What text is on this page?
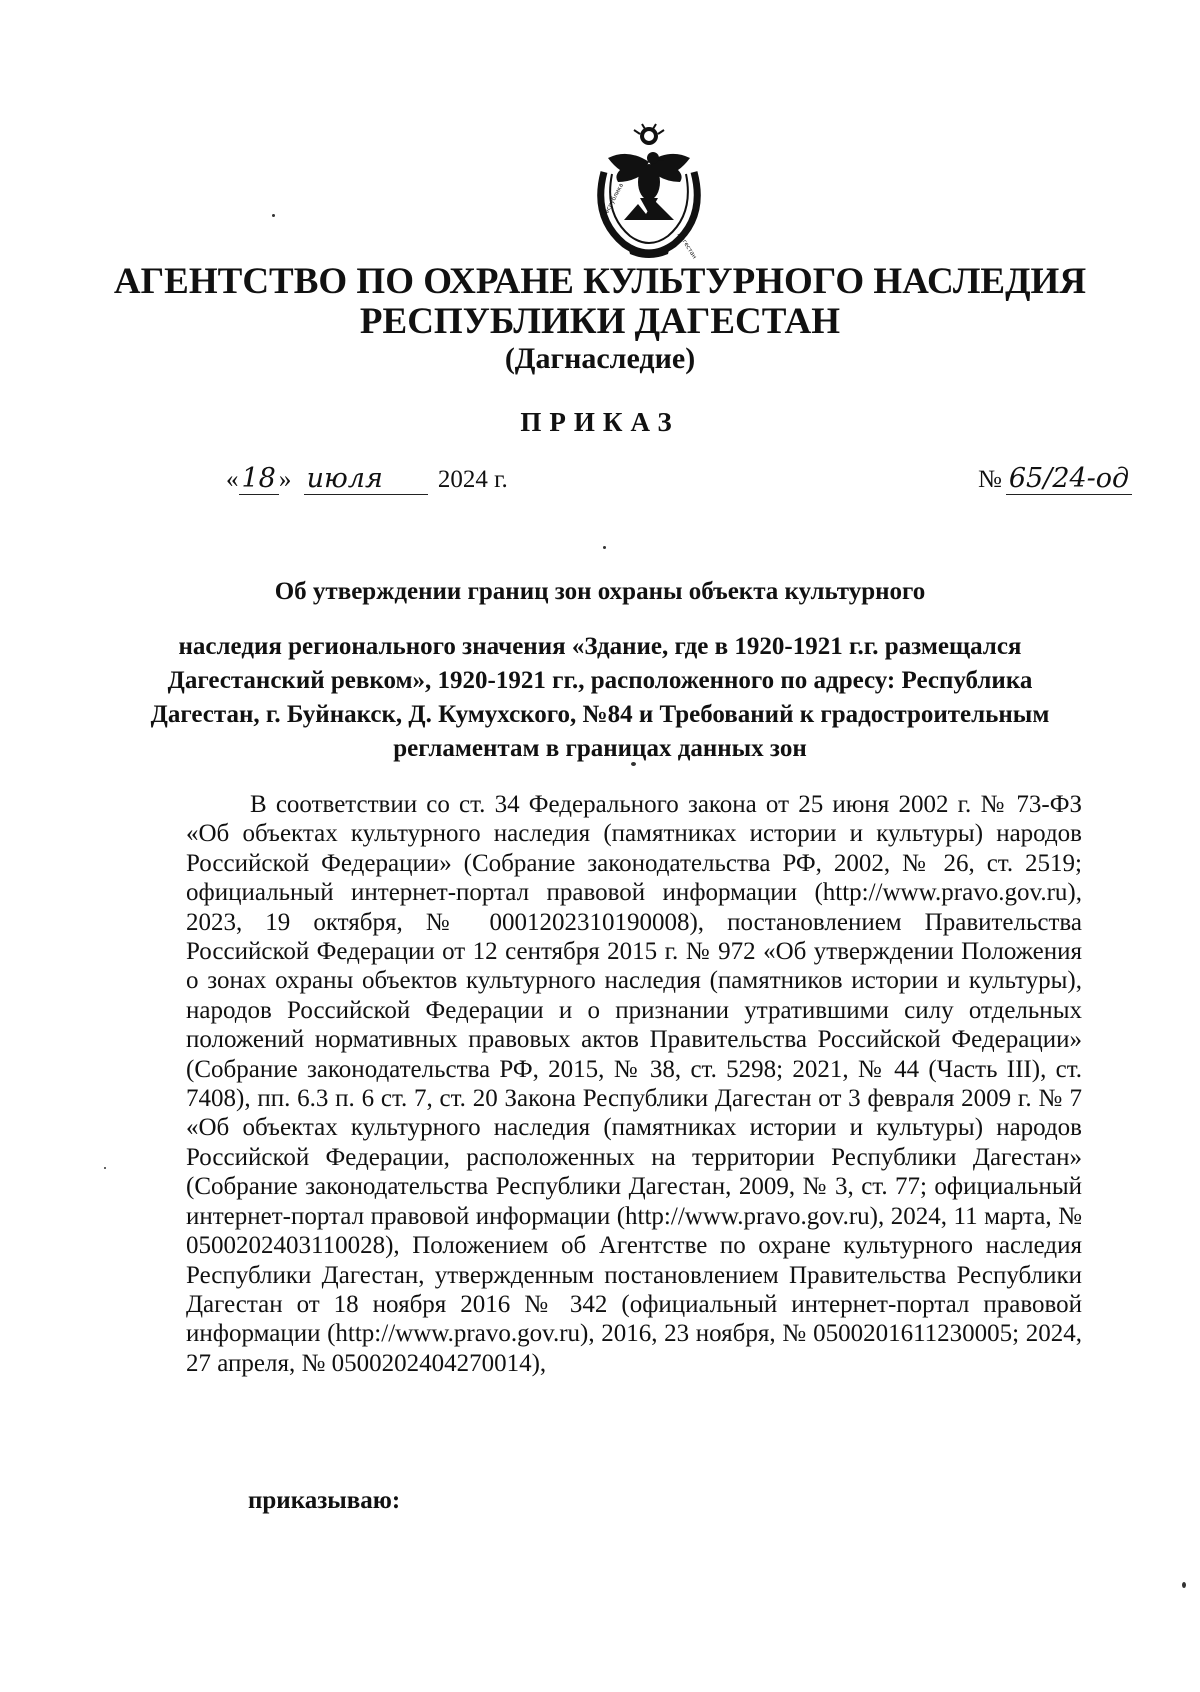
Республика
Дагестан
АГЕНТСТВО ПО ОХРАНЕ КУЛЬТУРНОГО НАСЛЕДИЯ
РЕСПУБЛИКИ ДАГЕСТАН
(Дагнаследие)
ПРИКАЗ
« 18 » июля 2024 г.	№ 65/24-од
Об утверждении границ зон охраны объекта культурного
наследия регионального значения «Здание, где в 1920-1921 г.г. размещался Дагестанский ревком», 1920-1921 гг., расположенного по адресу: Республика Дагестан, г. Буйнакск, Д. Кумухского, №84 и Требований к градостроительным регламентам в границах данных зон

В соответствии со ст. 34 Федерального закона от 25 июня 2002 г. № 73-ФЗ «Об объектах культурного наследия (памятниках истории и культуры) народов Российской Федерации» (Собрание законодательства РФ, 2002, № 26, ст. 2519; официальный интернет-портал правовой информации (http://www.pravo.gov.ru), 2023, 19 октября, № 0001202310190008), постановлением Правительства Российской Федерации от 12 сентября 2015 г. № 972 «Об утверждении Положения о зонах охраны объектов культурного наследия (памятников истории и культуры), народов Российской Федерации и о признании утратившими силу отдельных положений нормативных правовых актов Правительства Российской Федерации» (Собрание законодательства РФ, 2015, № 38, ст. 5298; 2021, № 44 (Часть III), ст. 7408), пп. 6.3 п. 6 ст. 7, ст. 20 Закона Республики Дагестан от 3 февраля 2009 г. № 7 «Об объектах культурного наследия (памятниках истории и культуры) народов Российской Федерации, расположенных на территории Республики Дагестан» (Собрание законодательства Республики Дагестан, 2009, № 3, ст. 77; официальный интернет-портал правовой информации (http://www.pravo.gov.ru), 2024, 11 марта, № 0500202403110028), Положением об Агентстве по охране культурного наследия Республики Дагестан, утвержденным постановлением Правительства Республики Дагестан от 18 ноября 2016 № 342 (официальный интернет-портал правовой информации (http://www.pravo.gov.ru), 2016, 23 ноября, № 0500201611230005; 2024, 27 апреля, № 0500202404270014),

приказываю:
